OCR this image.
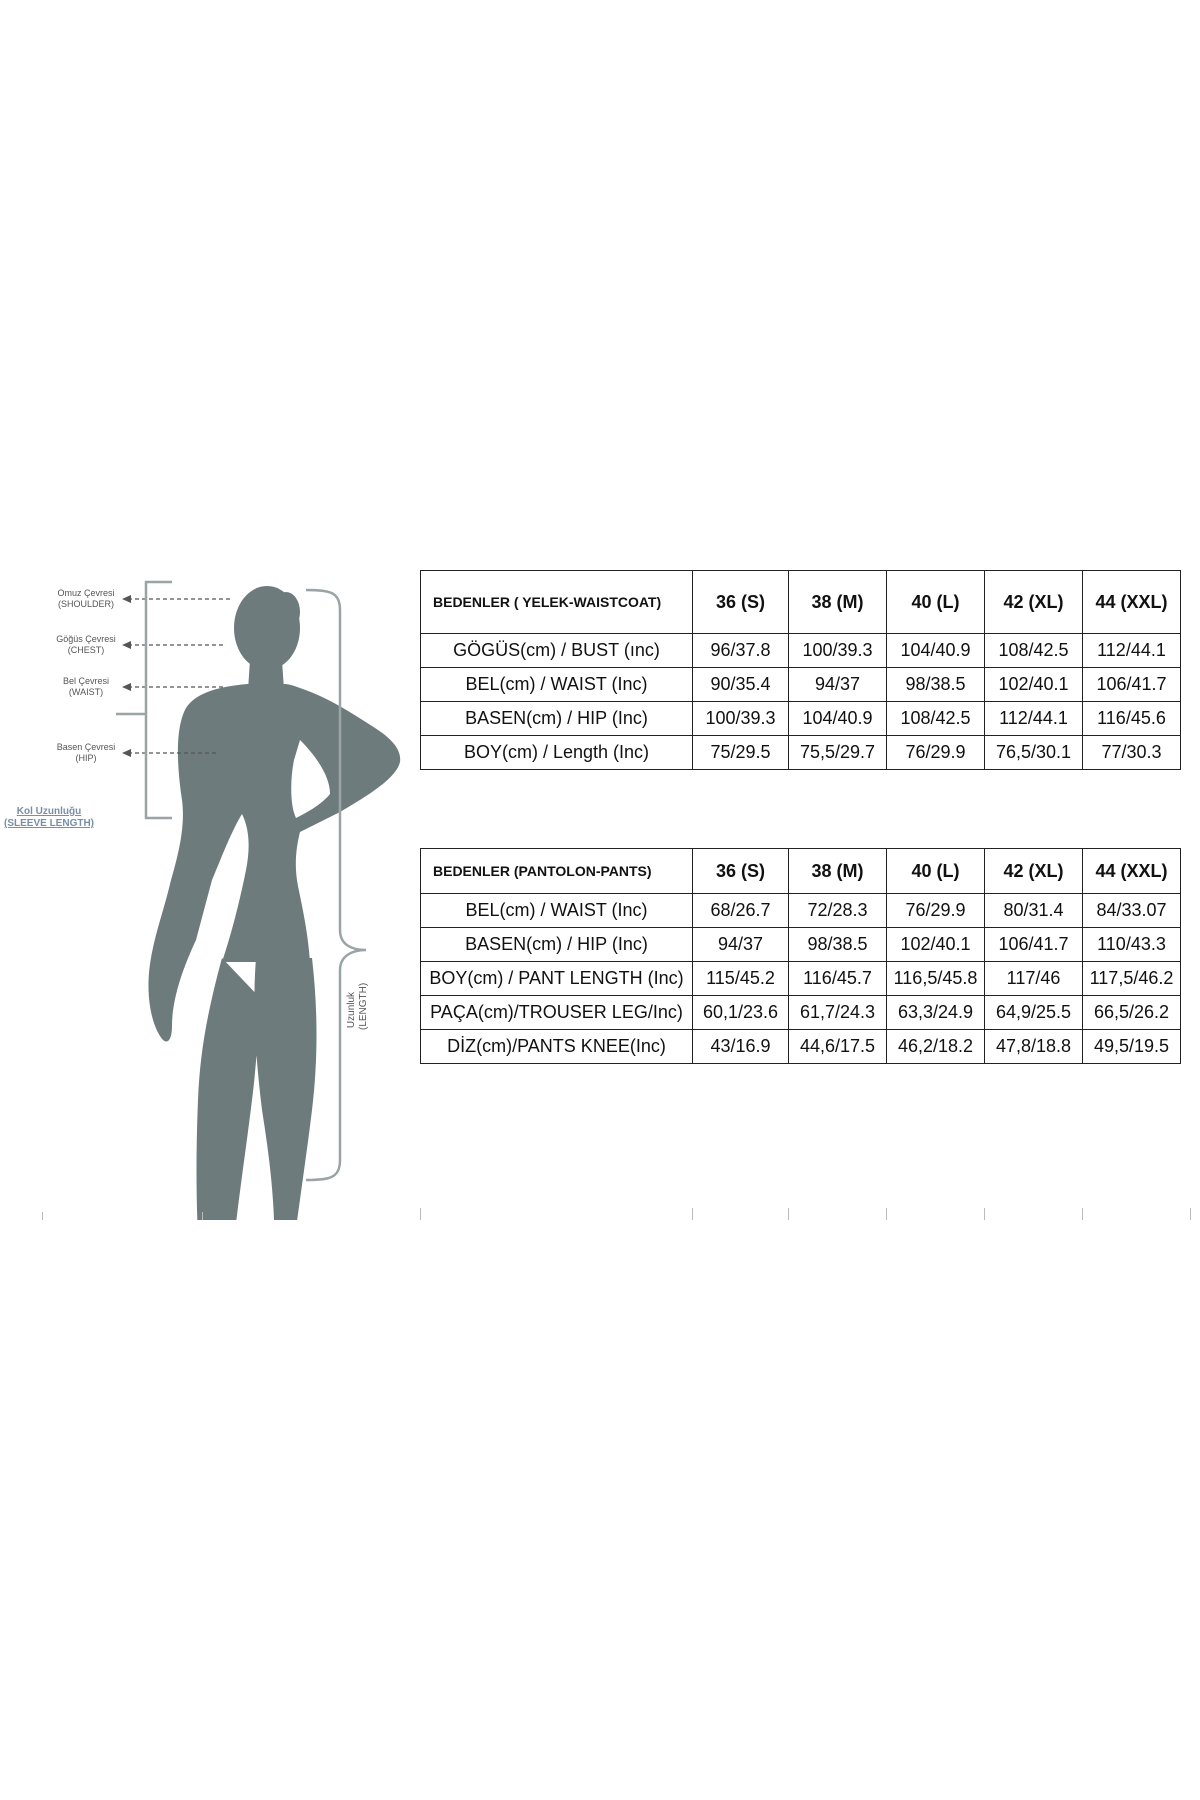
Omuz Çevresi
(SHOULDER)
Göğüs Çevresi
(CHEST)
Bel Çevresi
(WAIST)
Kol Uzunluğu
(SLEEVE LENGTH)
Basen Çevresi
(HIP)
Uzunluk (LENGTH)
BEDENLER ( YELEK-WAISTCOAT)	36 (S)	38 (M)	40 (L)	42 (XL)	44 (XXL)
GÖGÜS(cm) / BUST (ınc)	96/37.8	100/39.3	104/40.9	108/42.5	112/44.1
BEL(cm) / WAIST (Inc)	90/35.4	94/37	98/38.5	102/40.1	106/41.7
BASEN(cm) / HIP (Inc)	100/39.3	104/40.9	108/42.5	112/44.1	116/45.6
BOY(cm) / Length (Inc)	75/29.5	75,5/29.7	76/29.9	76,5/30.1	77/30.3
BEDENLER (PANTOLON-PANTS)	36 (S)	38 (M)	40 (L)	42 (XL)	44 (XXL)
BEL(cm) / WAIST (Inc)	68/26.7	72/28.3	76/29.9	80/31.4	84/33.07
BASEN(cm) / HIP (Inc)	94/37	98/38.5	102/40.1	106/41.7	110/43.3
BOY(cm) / PANT LENGTH (Inc)	115/45.2	116/45.7	116,5/45.8	117/46	117,5/46.2
PAÇA(cm)/TROUSER LEG/Inc)	60,1/23.6	61,7/24.3	63,3/24.9	64,9/25.5	66,5/26.2
DİZ(cm)/PANTS KNEE(Inc)	43/16.9	44,6/17.5	46,2/18.2	47,8/18.8	49,5/19.5
